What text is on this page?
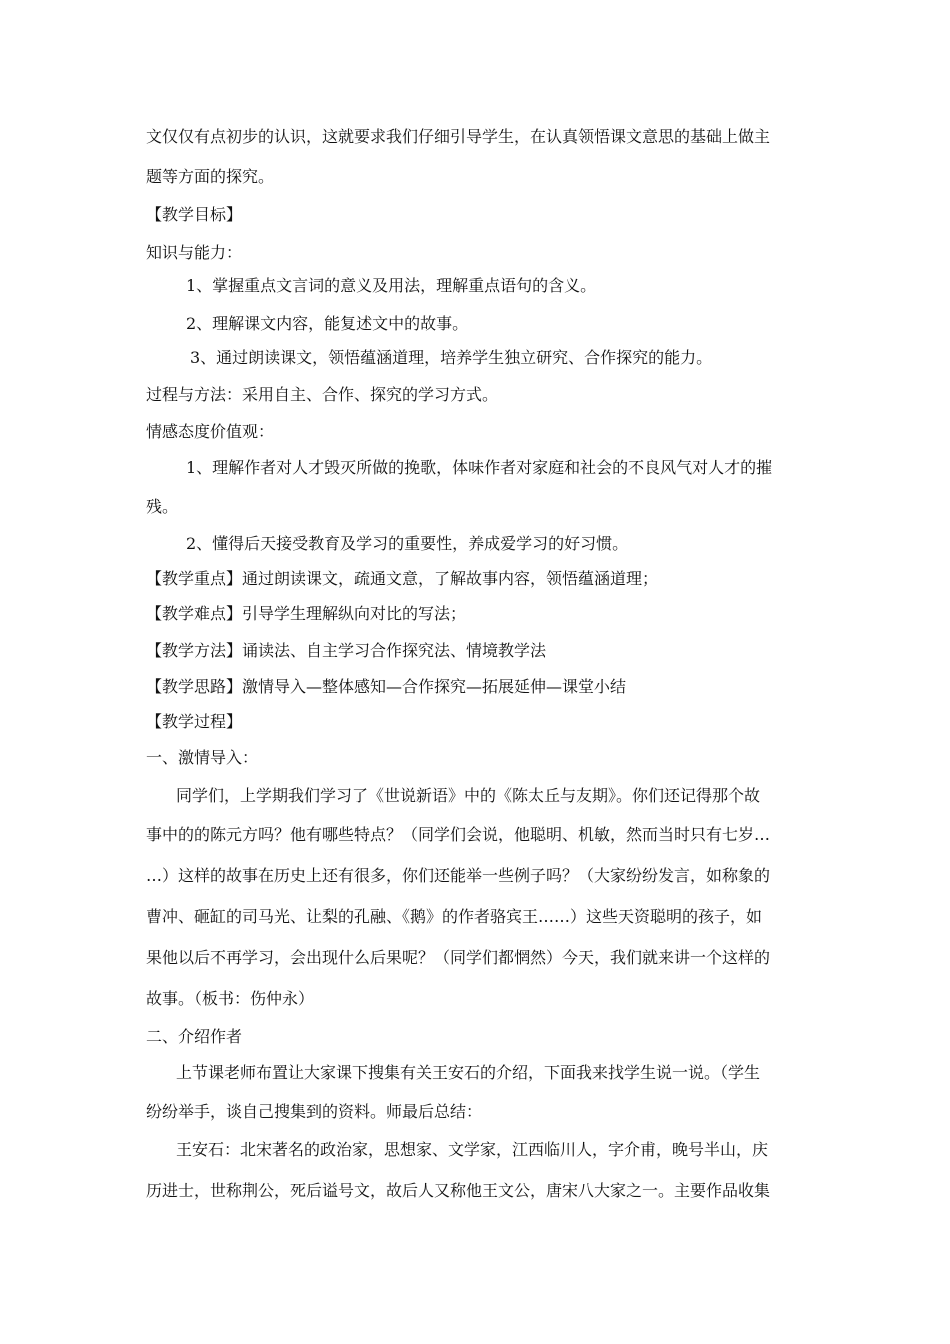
文仅仅有点初步的认识，这就要求我们仔细引导学生，在认真领悟课文意思的基础上做主
题等方面的探究。
【教学目标】
知识与能力：
1、掌握重点文言词的意义及用法，理解重点语句的含义。
2、理解课文内容，能复述文中的故事。
3、通过朗读课文，领悟蕴涵道理，培养学生独立研究、合作探究的能力。
过程与方法：采用自主、合作、探究的学习方式。
情感态度价值观：
1、理解作者对人才毁灭所做的挽歌，体味作者对家庭和社会的不良风气对人才的摧
残。
2、懂得后天接受教育及学习的重要性，养成爱学习的好习惯。
【教学重点】通过朗读课文，疏通文意，了解故事内容，领悟蕴涵道理；
【教学难点】引导学生理解纵向对比的写法；
【教学方法】诵读法、自主学习合作探究法、情境教学法
【教学思路】激情导入—整体感知—合作探究—拓展延伸—课堂小结
【教学过程】
一、激情导入：
同学们，上学期我们学习了《世说新语》中的《陈太丘与友期》。你们还记得那个故
事中的的陈元方吗？他有哪些特点？（同学们会说，他聪明、机敏，然而当时只有七岁…
…）这样的故事在历史上还有很多，你们还能举一些例子吗？（大家纷纷发言，如称象的
曹冲、砸缸的司马光、让梨的孔融、《鹅》的作者骆宾王……）这些天资聪明的孩子，如
果他以后不再学习，会出现什么后果呢？（同学们都惘然）今天，我们就来讲一个这样的
故事。（板书：伤仲永）
二、介绍作者
上节课老师布置让大家课下搜集有关王安石的介绍，下面我来找学生说一说。（学生
纷纷举手，谈自己搜集到的资料。师最后总结：
王安石：北宋著名的政治家，思想家、文学家，江西临川人，字介甫，晚号半山，庆
历进士，世称荆公，死后谥号文，故后人又称他王文公，唐宋八大家之一。主要作品收集
